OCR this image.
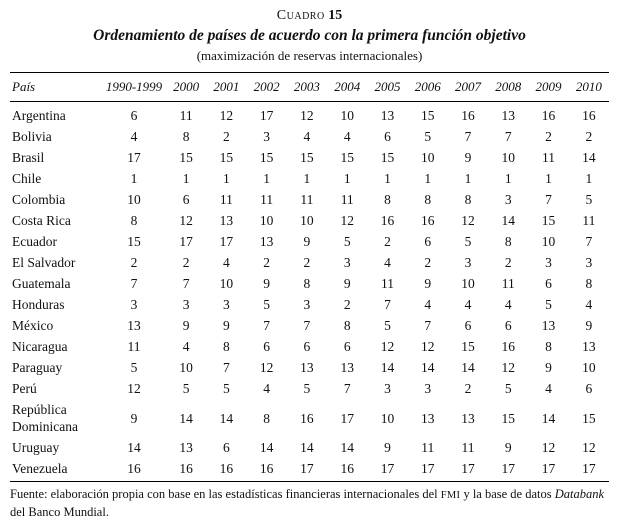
Cuadro 15
Ordenamiento de países de acuerdo con la primera función objetivo
(maximización de reservas internacionales)
País	1990-1999	2000	2001	2002	2003	2004	2005	2006	2007	2008	2009	2010
Argentina	6	11	12	17	12	10	13	15	16	13	16	16
Bolivia	4	8	2	3	4	4	6	5	7	7	2	2
Brasil	17	15	15	15	15	15	15	10	9	10	11	14
Chile	1	1	1	1	1	1	1	1	1	1	1	1
Colombia	10	6	11	11	11	11	8	8	8	3	7	5
Costa Rica	8	12	13	10	10	12	16	16	12	14	15	11
Ecuador	15	17	17	13	9	5	2	6	5	8	10	7
El Salvador	2	2	4	2	2	3	4	2	3	2	3	3
Guatemala	7	7	10	9	8	9	11	9	10	11	6	8
Honduras	3	3	3	5	3	2	7	4	4	4	5	4
México	13	9	9	7	7	8	5	7	6	6	13	9
Nicaragua	11	4	8	6	6	6	12	12	15	16	8	13
Paraguay	5	10	7	12	13	13	14	14	14	12	9	10
Perú	12	5	5	4	5	7	3	3	2	5	4	6
República Dominicana	9	14	14	8	16	17	10	13	13	15	14	15
Uruguay	14	13	6	14	14	14	9	11	11	9	12	12
Venezuela	16	16	16	16	17	16	17	17	17	17	17	17
Fuente: elaboración propia con base en las estadísticas financieras internacionales del FMI y la base de datos Databank del Banco Mundial.
